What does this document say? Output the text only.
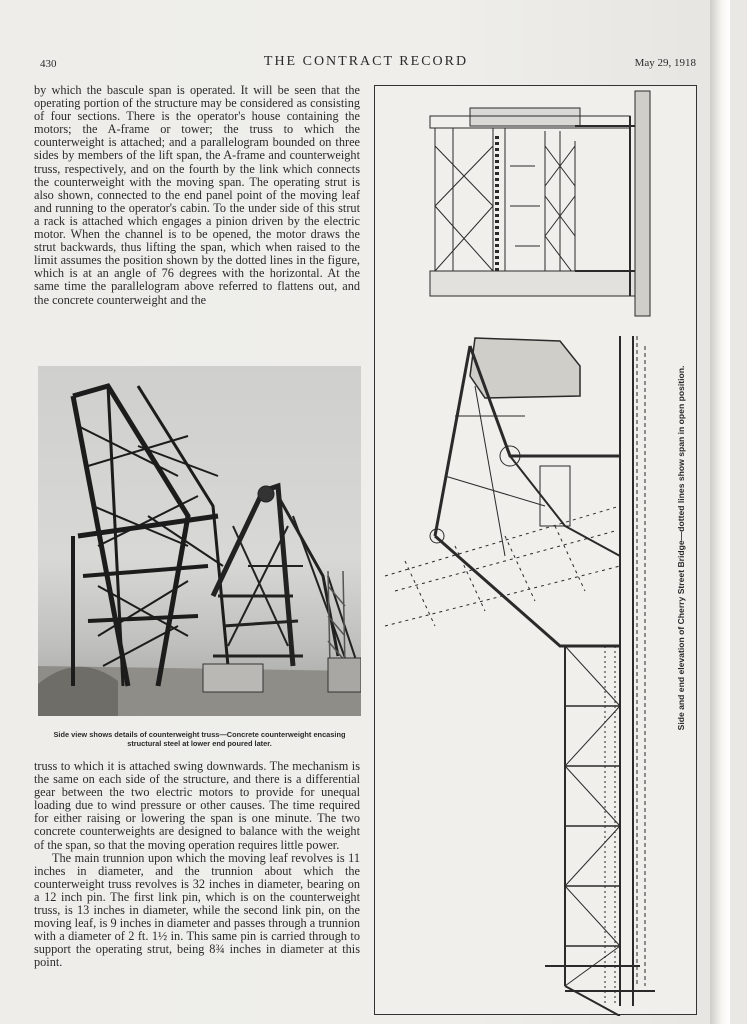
430	THE CONTRACT RECORD	May 29, 1918

by which the bascule span is operated. It will be seen that the operating portion of the structure may be considered as consisting of four sections. There is the operator's house containing the motors; the A-frame or tower; the truss to which the counterweight is attached; and a parallelogram bounded on three sides by members of the lift span, the A-frame and counterweight truss, respectively, and on the fourth by the link which connects the counterweight with the moving span. The operating strut is also shown, connected to the end panel point of the moving leaf and running to the operator's cabin. To the under side of this strut a rack is attached which engages a pinion driven by the electric motor. When the channel is to be opened, the motor draws the strut backwards, thus lifting the span, which when raised to the limit assumes the position shown by the dotted lines in the figure, which is at an angle of 76 degrees with the horizontal. At the same time the parallelogram above referred to flattens out, and the concrete counterweight and the

Side view shows details of counterweight truss—Concrete counterweight encasing structural steel at lower end poured later.

truss to which it is attached swing downwards. The mechanism is the same on each side of the structure, and there is a differential gear between the two electric motors to provide for unequal loading due to wind pressure or other causes. The time required for either raising or lowering the span is one minute. The two concrete counterweights are designed to balance with the weight of the span, so that the moving operation requires little power.

The main trunnion upon which the moving leaf revolves is 11 inches in diameter, and the trunnion about which the counterweight truss revolves is 32 inches in diameter, bearing on a 12 inch pin. The first link pin, which is on the counterweight truss, is 13 inches in diameter, while the second link pin, on the moving leaf, is 9 inches in diameter and passes through a trunnion with a diameter of 2 ft. 1½ in. This same pin is carried through to support the operating strut, being 8¾ inches in diameter at this point.

Side and end elevation of Cherry Street Bridge—dotted lines show span in open position.
